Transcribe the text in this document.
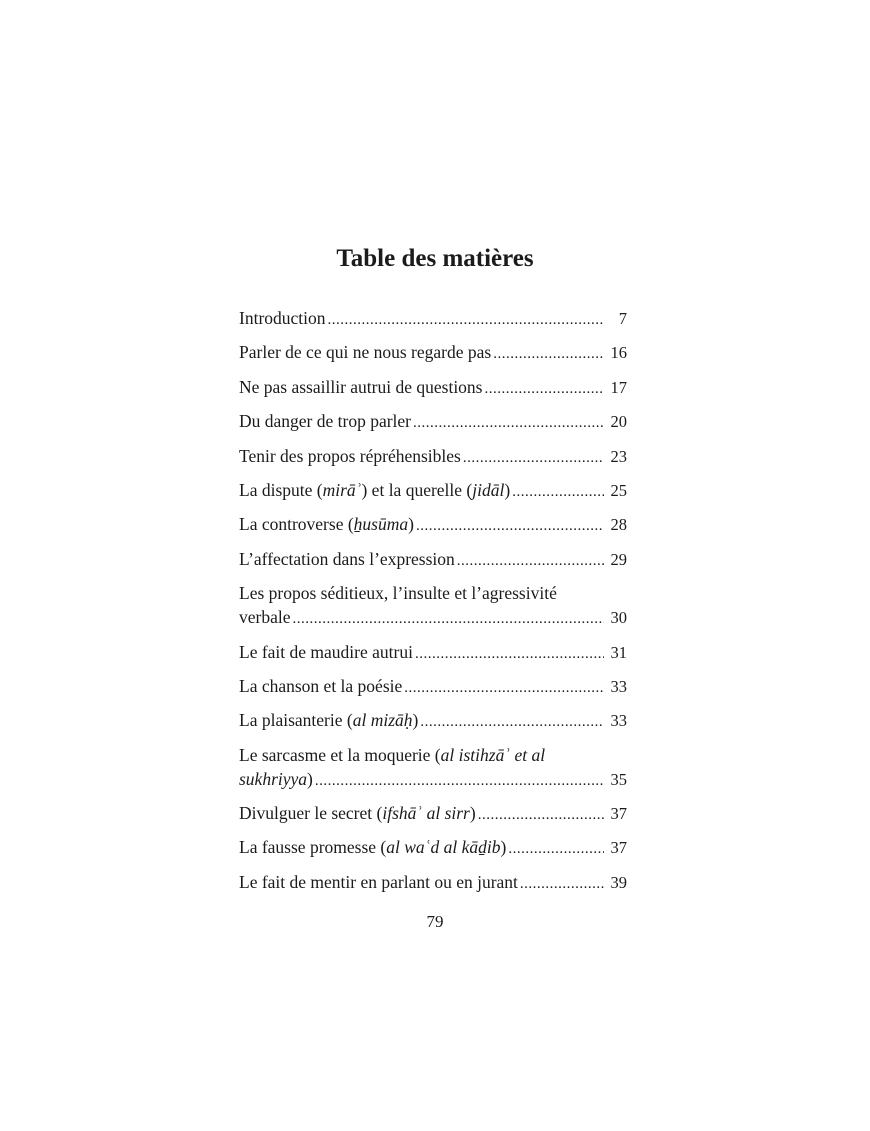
Table des matières
Introduction .....	7
Parler de ce qui ne nous regarde pas .....	16
Ne pas assaillir autrui de questions .....	17
Du danger de trop parler .....	20
Tenir des propos répréhensibles .....	23
La dispute (mirāʾ) et la querelle (jidāl) .....	25
La controverse (ẖusūma) .....	28
L’affectation dans l’expression .....	29
Les propos séditieux, l’insulte et l’agressivité
verbale .....	30
Le fait de maudire autrui .....	31
La chanson et la poésie .....	33
La plaisanterie (al mizāḥ) .....	33
Le sarcasme et la moquerie (al istihzāʾ et al
sukhriyya) .....	35
Divulguer le secret (ifshāʾ al sirr) .....	37
La fausse promesse (al waʿd al kāḏib) .....	37
Le fait de mentir en parlant ou en jurant .....	39
79
